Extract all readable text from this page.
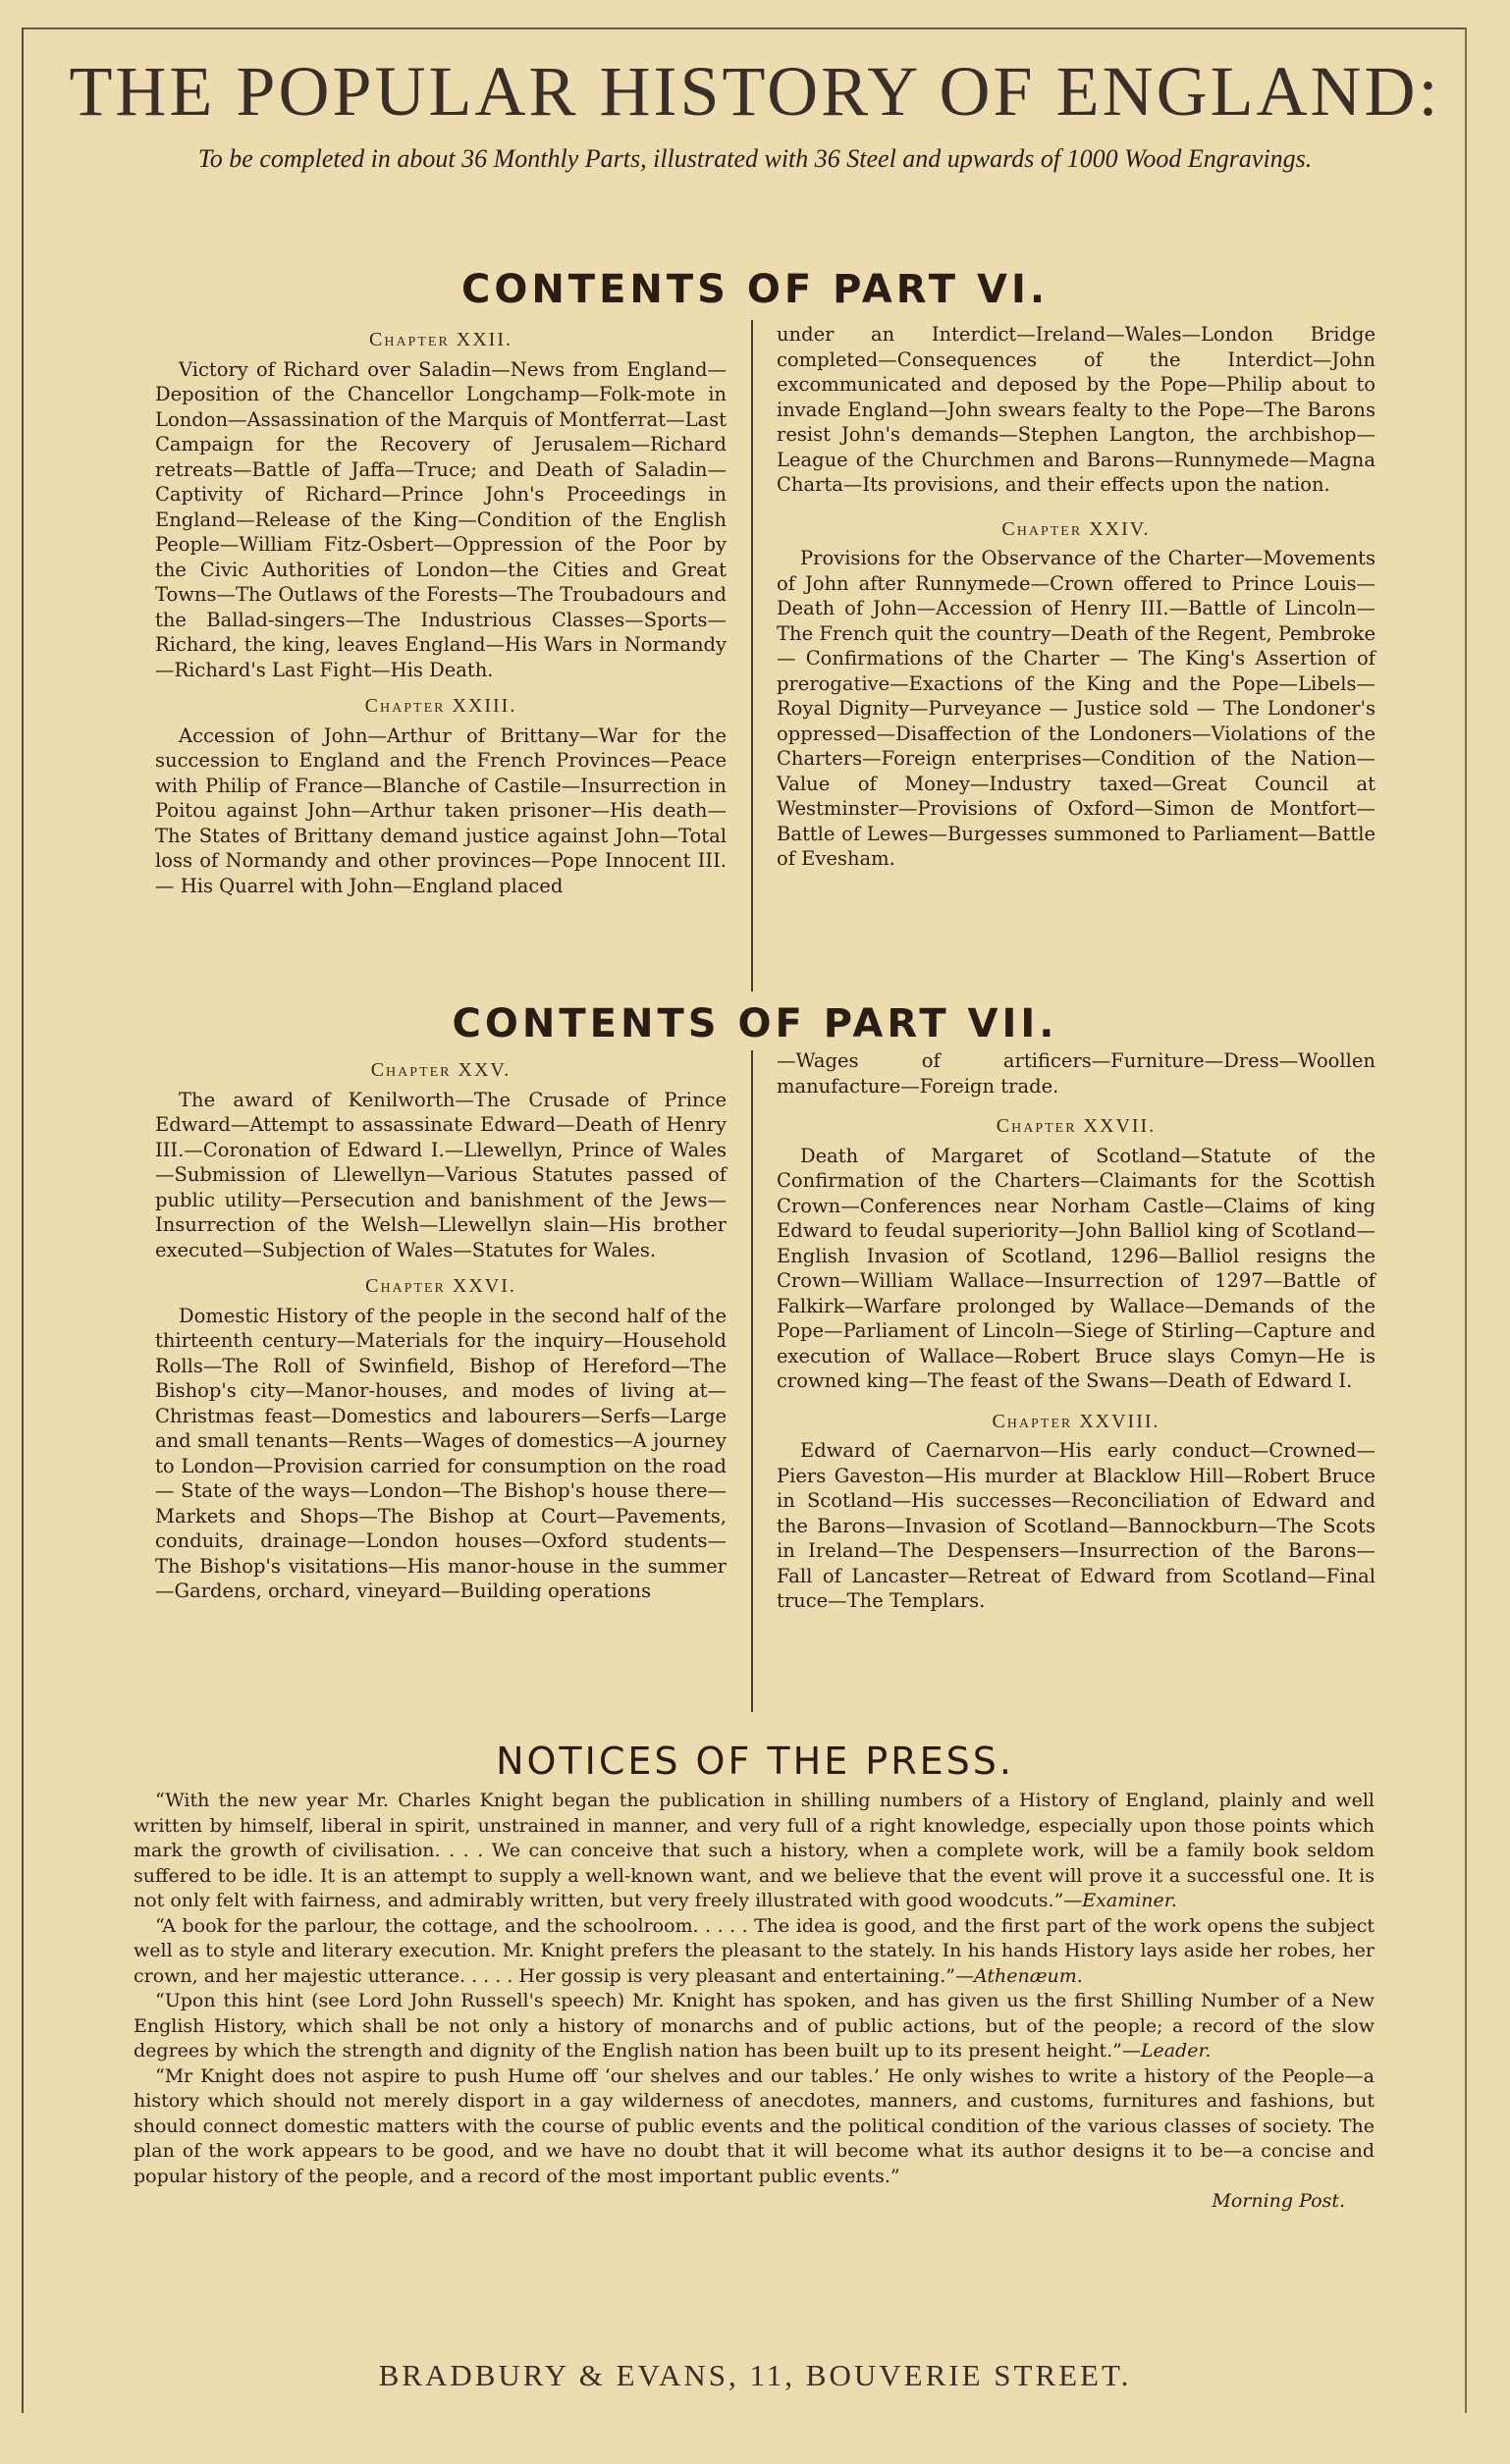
THE POPULAR HISTORY OF ENGLAND:
To be completed in about 36 Monthly Parts, illustrated with 36 Steel and upwards of 1000 Wood Engravings.
CONTENTS OF PART VI.
Chapter XXII.

Victory of Richard over Saladin—News from England—Deposition of the Chancellor Longchamp—Folk-mote in London—Assassination of the Marquis of Montferrat—Last Campaign for the Recovery of Jerusalem—Richard retreats—Battle of Jaffa—Truce; and Death of Saladin—Captivity of Richard—Prince John's Proceedings in England—Release of the King—Condition of the English People—William Fitz-Osbert—Oppression of the Poor by the Civic Authorities of London—the Cities and Great Towns—The Outlaws of the Forests—The Troubadours and the Ballad-singers—The Industrious Classes—Sports—Richard, the king, leaves England—His Wars in Normandy—Richard's Last Fight—His Death.

Chapter XXIII.

Accession of John—Arthur of Brittany—War for the succession to England and the French Provinces—Peace with Philip of France—Blanche of Castile—Insurrection in Poitou against John—Arthur taken prisoner—His death—The States of Brittany demand justice against John—Total loss of Normandy and other provinces—Pope Innocent III.— His Quarrel with John—England placed

under an Interdict—Ireland—Wales—London Bridge completed—Consequences of the Interdict—John excommunicated and deposed by the Pope—Philip about to invade England—John swears fealty to the Pope—The Barons resist John's demands—Stephen Langton, the archbishop—League of the Churchmen and Barons—Runnymede—Magna Charta—Its provisions, and their effects upon the nation.

Chapter XXIV.

Provisions for the Observance of the Charter—Movements of John after Runnymede—Crown offered to Prince Louis—Death of John—Accession of Henry III.—Battle of Lincoln—The French quit the country—Death of the Regent, Pembroke — Confirmations of the Charter — The King's Assertion of prerogative—Exactions of the King and the Pope—Libels—Royal Dignity—Purveyance — Justice sold — The Londoner's oppressed—Disaffection of the Londoners—Violations of the Charters—Foreign enterprises—Condition of the Nation—Value of Money—Industry taxed—Great Council at Westminster—Provisions of Oxford—Simon de Montfort—Battle of Lewes—Burgesses summoned to Parliament—Battle of Evesham.

CONTENTS OF PART VII.
Chapter XXV.

The award of Kenilworth—The Crusade of Prince Edward—Attempt to assassinate Edward—Death of Henry III.—Coronation of Edward I.—Llewellyn, Prince of Wales—Submission of Llewellyn—Various Statutes passed of public utility—Persecution and banishment of the Jews—Insurrection of the Welsh—Llewellyn slain—His brother executed—Subjection of Wales—Statutes for Wales.

Chapter XXVI.

Domestic History of the people in the second half of the thirteenth century—Materials for the inquiry—Household Rolls—The Roll of Swinfield, Bishop of Hereford—The Bishop's city—Manor-houses, and modes of living at—Christmas feast—Domestics and labourers—Serfs—Large and small tenants—Rents—Wages of domestics—A journey to London—Provision carried for consumption on the road — State of the ways—London—The Bishop's house there—Markets and Shops—The Bishop at Court—Pavements, conduits, drainage—London houses—Oxford students—The Bishop's visitations—His manor-house in the summer—Gardens, orchard, vineyard—Building operations

—Wages of artificers—Furniture—Dress—Woollen manufacture—Foreign trade.

Chapter XXVII.

Death of Margaret of Scotland—Statute of the Confirmation of the Charters—Claimants for the Scottish Crown—Conferences near Norham Castle—Claims of king Edward to feudal superiority—John Balliol king of Scotland—English Invasion of Scotland, 1296—Balliol resigns the Crown—William Wallace—Insurrection of 1297—Battle of Falkirk—Warfare prolonged by Wallace—Demands of the Pope—Parliament of Lincoln—Siege of Stirling—Capture and execution of Wallace—Robert Bruce slays Comyn—He is crowned king—The feast of the Swans—Death of Edward I.

Chapter XXVIII.

Edward of Caernarvon—His early conduct—Crowned—Piers Gaveston—His murder at Blacklow Hill—Robert Bruce in Scotland—His successes—Reconciliation of Edward and the Barons—Invasion of Scotland—Bannockburn—The Scots in Ireland—The Despensers—Insurrection of the Barons—Fall of Lancaster—Retreat of Edward from Scotland—Final truce—The Templars.

NOTICES OF THE PRESS.

“With the new year Mr. Charles Knight began the publication in shilling numbers of a History of England, plainly and well written by himself, liberal in spirit, unstrained in manner, and very full of a right knowledge, especially upon those points which mark the growth of civilisation. . . . We can conceive that such a history, when a complete work, will be a family book seldom suffered to be idle. It is an attempt to supply a well-known want, and we believe that the event will prove it a successful one. It is not only felt with fairness, and admirably written, but very freely illustrated with good woodcuts.”—Examiner.

“A book for the parlour, the cottage, and the schoolroom. . . . . The idea is good, and the first part of the work opens the subject well as to style and literary execution. Mr. Knight prefers the pleasant to the stately. In his hands History lays aside her robes, her crown, and her majestic utterance. . . . . Her gossip is very pleasant and entertaining.”—Athenæum.

“Upon this hint (see Lord John Russell's speech) Mr. Knight has spoken, and has given us the first Shilling Number of a New English History, which shall be not only a history of monarchs and of public actions, but of the people; a record of the slow degrees by which the strength and dignity of the English nation has been built up to its present height.”—Leader.

“Mr Knight does not aspire to push Hume off ‘our shelves and our tables.’ He only wishes to write a history of the People—a history which should not merely disport in a gay wilderness of anecdotes, manners, and customs, furnitures and fashions, but should connect domestic matters with the course of public events and the political condition of the various classes of society. The plan of the work appears to be good, and we have no doubt that it will become what its author designs it to be—a concise and popular history of the people, and a record of the most important public events.”

Morning Post.
BRADBURY & EVANS, 11, BOUVERIE STREET.
